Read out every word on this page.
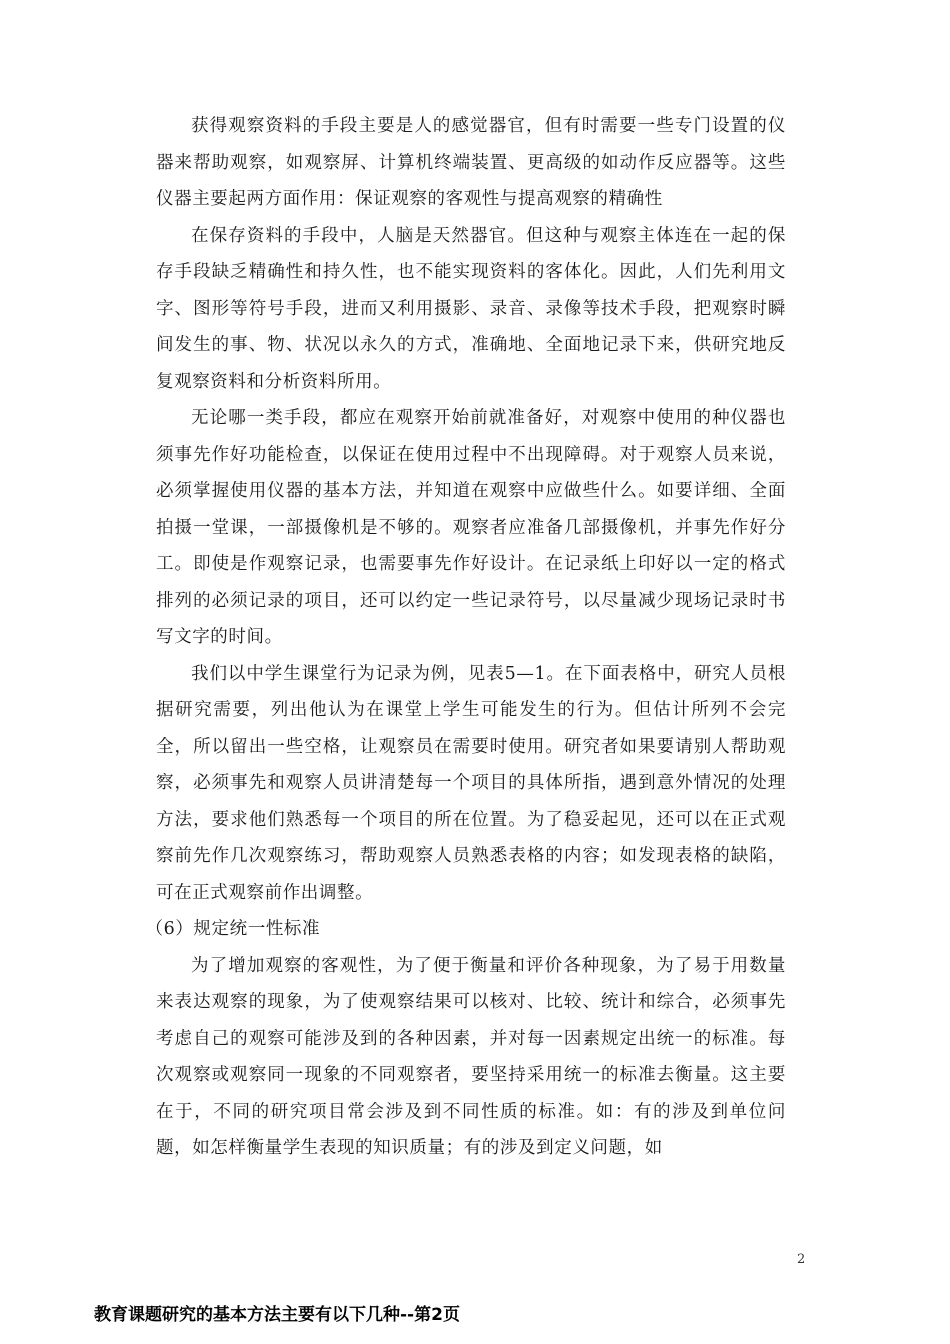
获得观察资料的手段主要是人的感觉器官，但有时需要一些专门设置的仪器来帮助观察，如观察屏、计算机终端装置、更高级的如动作反应器等。这些仪器主要起两方面作用：保证观察的客观性与提高观察的精确性

在保存资料的手段中，人脑是天然器官。但这种与观察主体连在一起的保存手段缺乏精确性和持久性，也不能实现资料的客体化。因此，人们先利用文字、图形等符号手段，进而又利用摄影、录音、录像等技术手段，把观察时瞬间发生的事、物、状况以永久的方式，准确地、全面地记录下来，供研究地反复观察资料和分析资料所用。

无论哪一类手段，都应在观察开始前就准备好，对观察中使用的种仪器也须事先作好功能检查，以保证在使用过程中不出现障碍。对于观察人员来说，必须掌握使用仪器的基本方法，并知道在观察中应做些什么。如要详细、全面拍摄一堂课，一部摄像机是不够的。观察者应准备几部摄像机，并事先作好分工。即使是作观察记录，也需要事先作好设计。在记录纸上印好以一定的格式排列的必须记录的项目，还可以约定一些记录符号，以尽量减少现场记录时书写文字的时间。

我们以中学生课堂行为记录为例，见表5—1。在下面表格中，研究人员根据研究需要，列出他认为在课堂上学生可能发生的行为。但估计所列不会完全，所以留出一些空格，让观察员在需要时使用。研究者如果要请别人帮助观察，必须事先和观察人员讲清楚每一个项目的具体所指，遇到意外情况的处理方法，要求他们熟悉每一个项目的所在位置。为了稳妥起见，还可以在正式观察前先作几次观察练习，帮助观察人员熟悉表格的内容；如发现表格的缺陷，可在正式观察前作出调整。

（6）规定统一性标准

为了增加观察的客观性，为了便于衡量和评价各种现象，为了易于用数量来表达观察的现象，为了使观察结果可以核对、比较、统计和综合，必须事先考虑自己的观察可能涉及到的各种因素，并对每一因素规定出统一的标准。每次观察或观察同一现象的不同观察者，要坚持采用统一的标准去衡量。这主要在于，不同的研究项目常会涉及到不同性质的标准。如：有的涉及到单位问题，如怎样衡量学生表现的知识质量；有的涉及到定义问题，如

2
教育课题研究的基本方法主要有以下几种--第2页
